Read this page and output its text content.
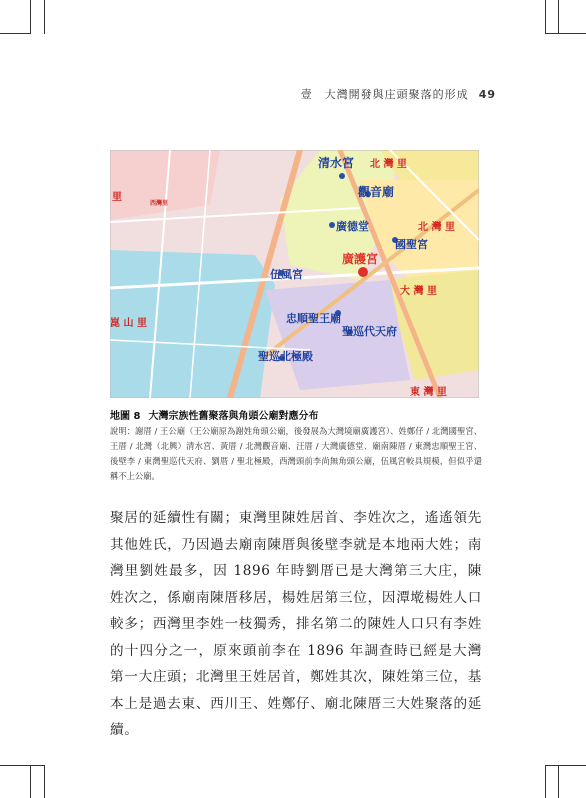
壹　大灣開發與庄頭聚落的形成 49
清水宮 北 灣 里
觀音廟
廣德堂	北 灣 里
國聖宮
廣護宮
伍風宮
大 灣 里
崑 山 里	忠順聖王廟
聖巡代天府
聖巡北極殿
東 灣 里
西灣里
里
地圖 8 大灣宗族性舊聚落與角頭公廟對應分布
說明：謝厝 / 王公廟（王公廟原為謝姓角頭公廟，後發展為大灣境廟廣護宮）、姓鄭仔 / 北灣國聖宮、王厝 / 北灣（北興）清水宮、黃厝 / 北灣觀音廟、汪厝 / 大灣廣德堂、廟南陳厝 / 東灣忠順聖王宮、後壁李 / 東灣聖巡代天府、劉厝 / 聖北極殿，西灣頭前李尚無角頭公廟，伍風宮較具規模，但似乎還稱不上公廟。
聚居的延續性有關；東灣里陳姓居首、李姓次之，遙遙領先其他姓氏，乃因過去廟南陳厝與後壁李就是本地兩大姓；南灣里劉姓最多，因 1896 年時劉厝已是大灣第三大庄，陳姓次之，係廟南陳厝移居，楊姓居第三位，因潭墘楊姓人口較多；西灣里李姓一枝獨秀，排名第二的陳姓人口只有李姓的十四分之一，原來頭前李在 1896 年調查時已經是大灣第一大庄頭；北灣里王姓居首，鄭姓其次，陳姓第三位，基本上是過去東、西川王、姓鄭仔、廟北陳厝三大姓聚落的延續。
